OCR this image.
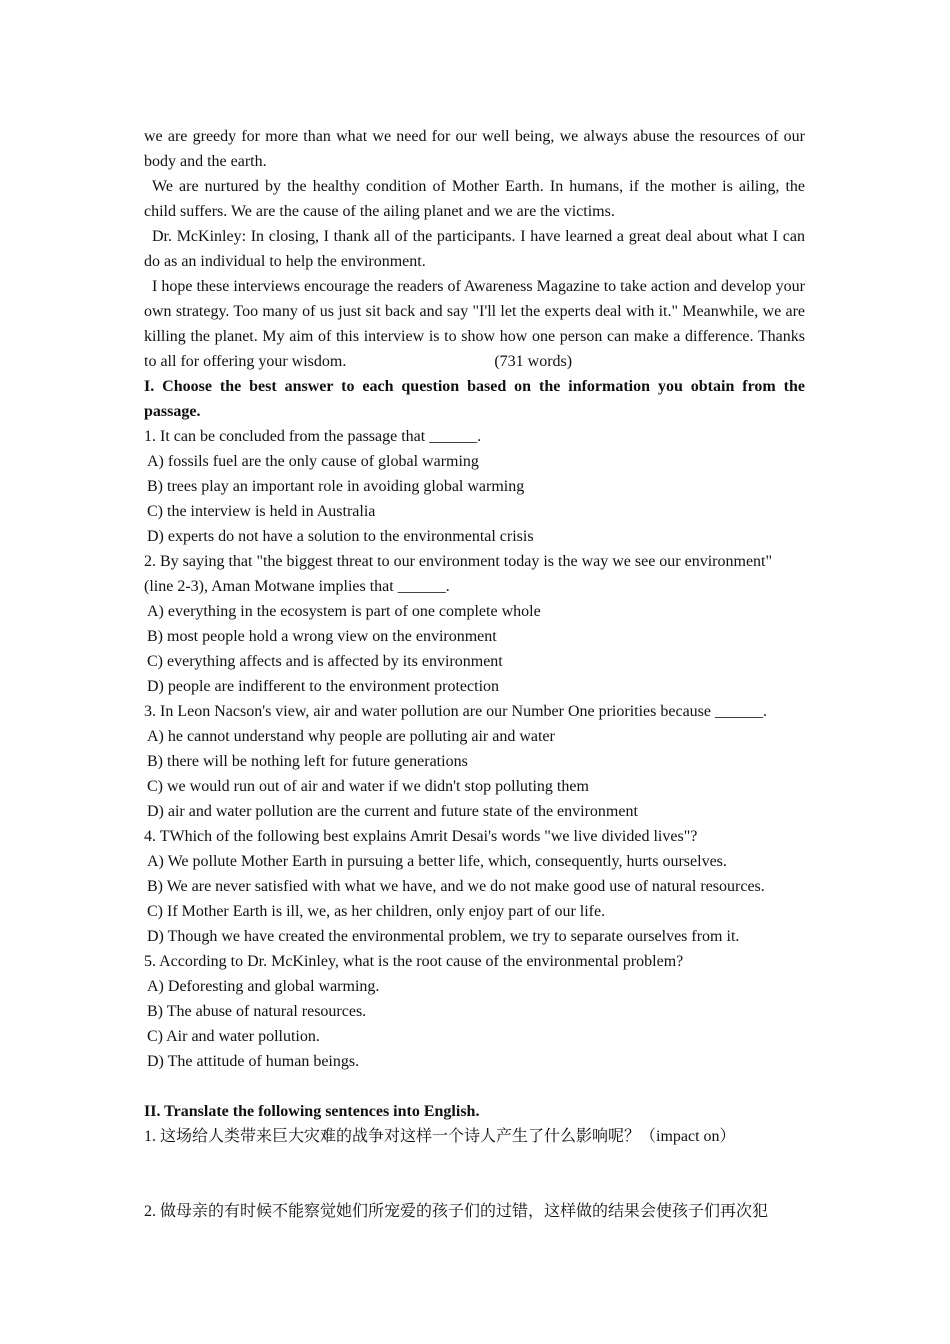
we are greedy for more than what we need for our well being, we always abuse the resources of our body and the earth.

We are nurtured by the healthy condition of Mother Earth. In humans, if the mother is ailing, the child suffers. We are the cause of the ailing planet and we are the victims.

Dr. McKinley: In closing, I thank all of the participants. I have learned a great deal about what I can do as an individual to help the environment.

I hope these interviews encourage the readers of Awareness Magazine to take action and develop your own strategy. Too many of us just sit back and say "I'll let the experts deal with it." Meanwhile, we are killing the planet. My aim of this interview is to show how one person can make a difference. Thanks to all for offering your wisdom.	(731 words)

I. Choose the best answer to each question based on the information you obtain from the passage.

1. It can be concluded from the passage that ______.

A) fossils fuel are the only cause of global warming

B) trees play an important role in avoiding global warming

C) the interview is held in Australia

D) experts do not have a solution to the environmental crisis

2. By saying that "the biggest threat to our environment today is the way we see our environment" (line 2-3), Aman Motwane implies that ______.

A) everything in the ecosystem is part of one complete whole

B) most people hold a wrong view on the environment

C) everything affects and is affected by its environment

D) people are indifferent to the environment protection

3. In Leon Nacson's view, air and water pollution are our Number One priorities because ______.

A) he cannot understand why people are polluting air and water

B) there will be nothing left for future generations

C) we would run out of air and water if we didn't stop polluting them

D) air and water pollution are the current and future state of the environment

4. TWhich of the following best explains Amrit Desai's words "we live divided lives"?

A) We pollute Mother Earth in pursuing a better life, which, consequently, hurts ourselves.

B) We are never satisfied with what we have, and we do not make good use of natural resources.

C) If Mother Earth is ill, we, as her children, only enjoy part of our life.

D) Though we have created the environmental problem, we try to separate ourselves from it.

5. According to Dr. McKinley, what is the root cause of the environmental problem?

A) Deforesting and global warming.

B) The abuse of natural resources.

C) Air and water pollution.

D) The attitude of human beings.

II. Translate the following sentences into English.

1. 这场给人类带来巨大灾难的战争对这样一个诗人产生了什么影响呢？（impact on）

2. 做母亲的有时候不能察觉她们所宠爱的孩子们的过错，这样做的结果会使孩子们再次犯
